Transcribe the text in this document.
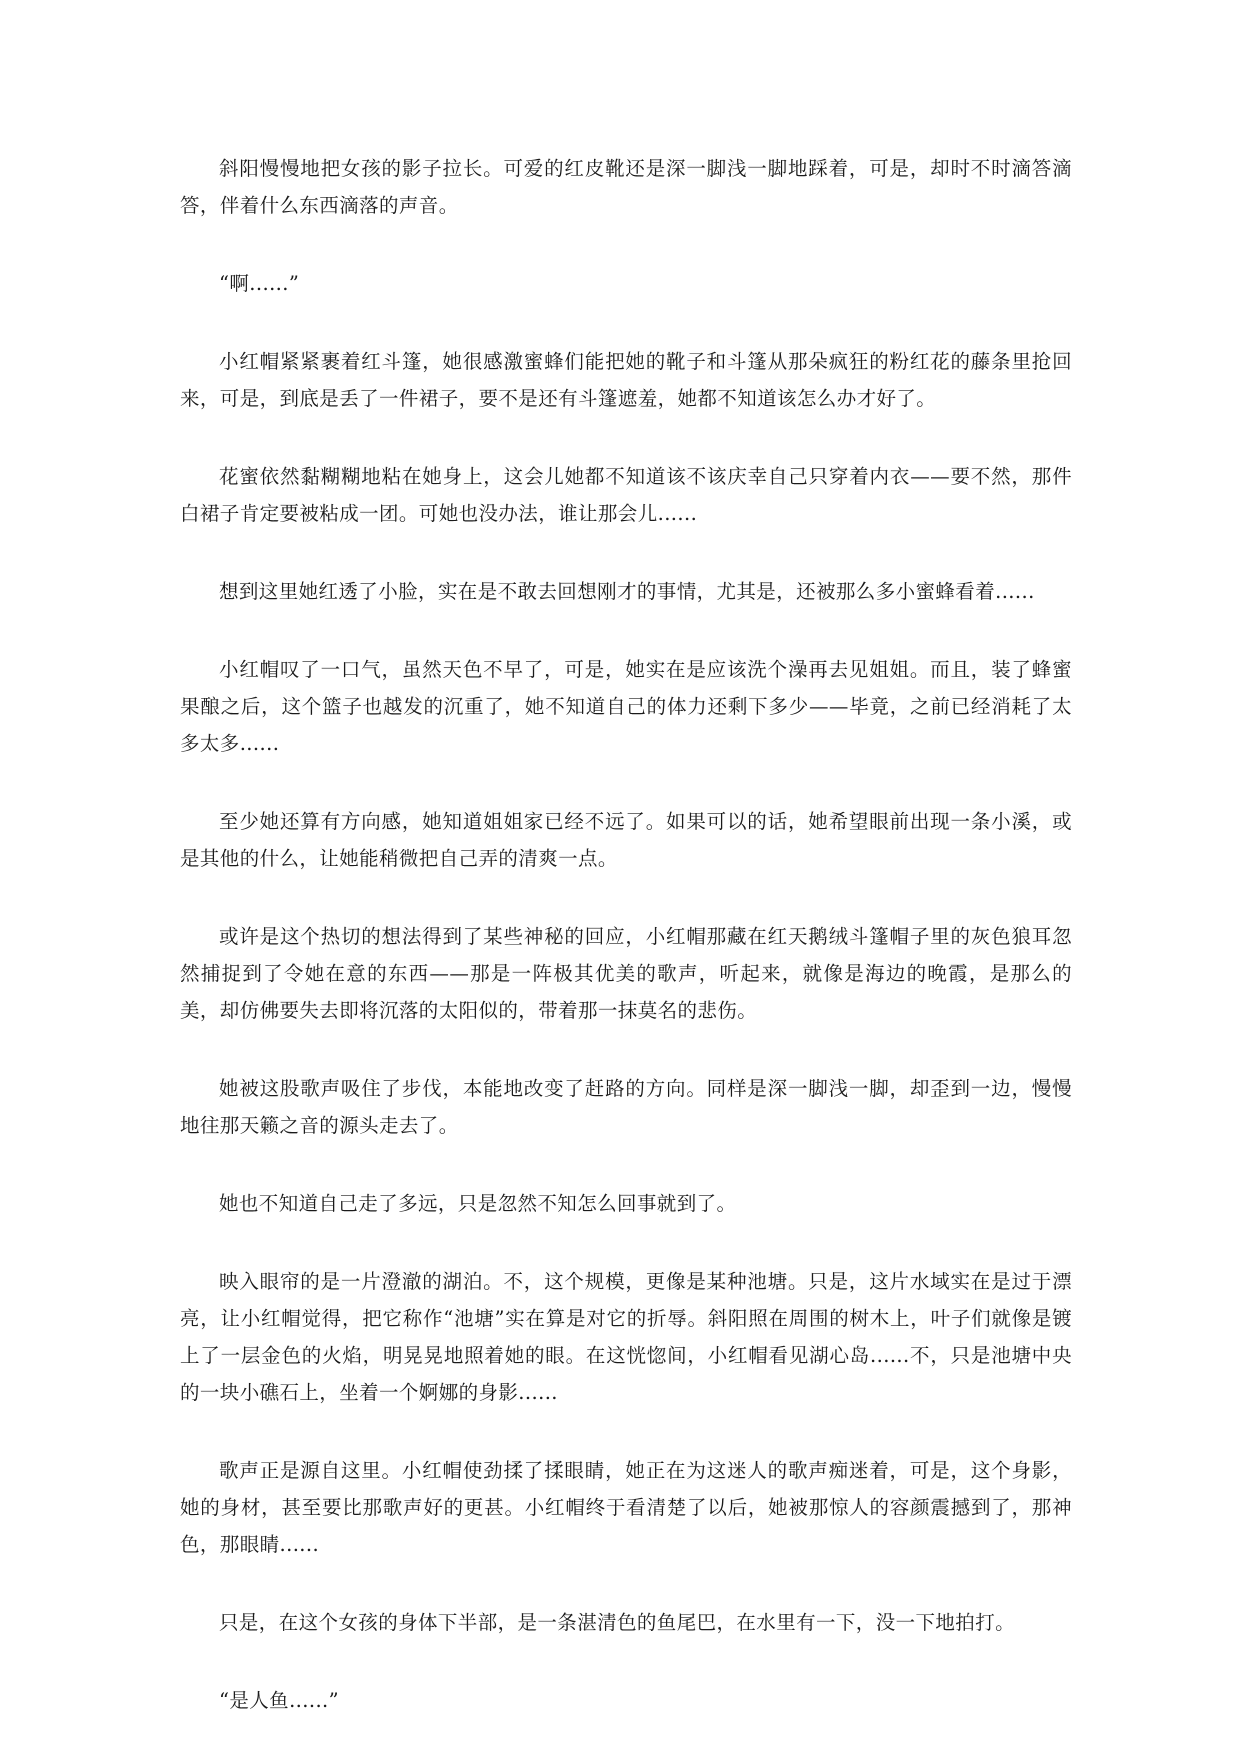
斜阳慢慢地把女孩的影子拉长。可爱的红皮靴还是深一脚浅一脚地踩着，可是，却时不时滴答滴答，伴着什么东西滴落的声音。

“啊......”

小红帽紧紧裹着红斗篷，她很感激蜜蜂们能把她的靴子和斗篷从那朵疯狂的粉红花的藤条里抢回来，可是，到底是丢了一件裙子，要不是还有斗篷遮羞，她都不知道该怎么办才好了。

花蜜依然黏糊糊地粘在她身上，这会儿她都不知道该不该庆幸自己只穿着内衣——要不然，那件白裙子肯定要被粘成一团。可她也没办法，谁让那会儿......

想到这里她红透了小脸，实在是不敢去回想刚才的事情，尤其是，还被那么多小蜜蜂看着......

小红帽叹了一口气，虽然天色不早了，可是，她实在是应该洗个澡再去见姐姐。而且，装了蜂蜜果酿之后，这个篮子也越发的沉重了，她不知道自己的体力还剩下多少——毕竟，之前已经消耗了太多太多......

至少她还算有方向感，她知道姐姐家已经不远了。如果可以的话，她希望眼前出现一条小溪，或是其他的什么，让她能稍微把自己弄的清爽一点。

或许是这个热切的想法得到了某些神秘的回应，小红帽那藏在红天鹅绒斗篷帽子里的灰色狼耳忽然捕捉到了令她在意的东西——那是一阵极其优美的歌声，听起来，就像是海边的晚霞，是那么的美，却仿佛要失去即将沉落的太阳似的，带着那一抹莫名的悲伤。

她被这股歌声吸住了步伐，本能地改变了赶路的方向。同样是深一脚浅一脚，却歪到一边，慢慢地往那天籁之音的源头走去了。

她也不知道自己走了多远，只是忽然不知怎么回事就到了。

映入眼帘的是一片澄澈的湖泊。不，这个规模，更像是某种池塘。只是，这片水域实在是过于漂亮，让小红帽觉得，把它称作“池塘”实在算是对它的折辱。斜阳照在周围的树木上，叶子们就像是镀上了一层金色的火焰，明晃晃地照着她的眼。在这恍惚间，小红帽看见湖心岛......不，只是池塘中央的一块小礁石上，坐着一个婀娜的身影......

歌声正是源自这里。小红帽使劲揉了揉眼睛，她正在为这迷人的歌声痴迷着，可是，这个身影，她的身材，甚至要比那歌声好的更甚。小红帽终于看清楚了以后，她被那惊人的容颜震撼到了，那神色，那眼睛......

只是，在这个女孩的身体下半部，是一条湛清色的鱼尾巴，在水里有一下，没一下地拍打。

“是人鱼......”
